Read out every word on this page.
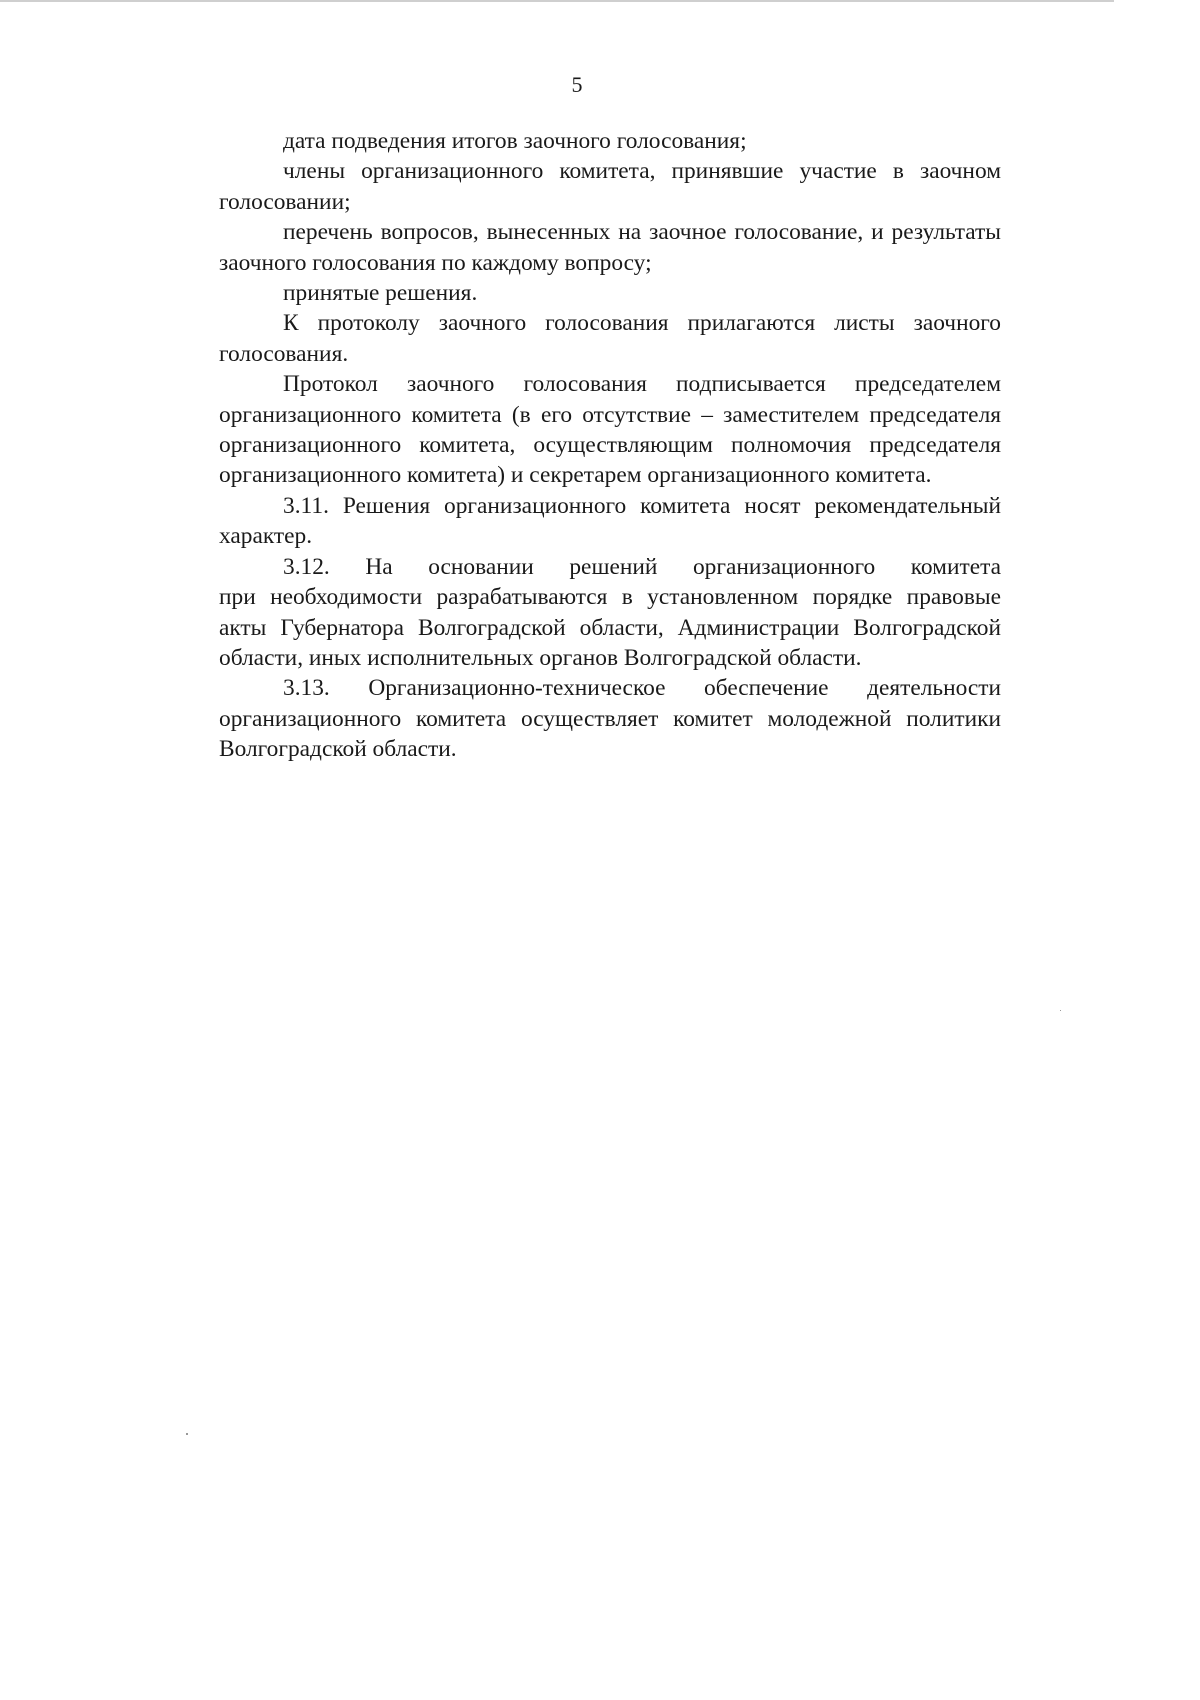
5

дата подведения итогов заочного голосования;

члены организационного комитета, принявшие участие в заочном
голосовании;

перечень вопросов, вынесенных на заочное голосование, и результаты
заочного голосования по каждому вопросу;

принятые решения.

К протоколу заочного голосования прилагаются листы заочного
голосования.

Протокол заочного голосования подписывается председателем
организационного комитета (в его отсутствие – заместителем председателя
организационного комитета, осуществляющим полномочия председателя
организационного комитета) и секретарем организационного комитета.

3.11. Решения организационного комитета носят рекомендательный
характер.

3.12. На основании решений организационного комитета
при необходимости разрабатываются в установленном порядке правовые
акты Губернатора Волгоградской области, Администрации Волгоградской
области, иных исполнительных органов Волгоградской области.

3.13. Организационно-техническое обеспечение деятельности
организационного комитета осуществляет комитет молодежной политики
Волгоградской области.
